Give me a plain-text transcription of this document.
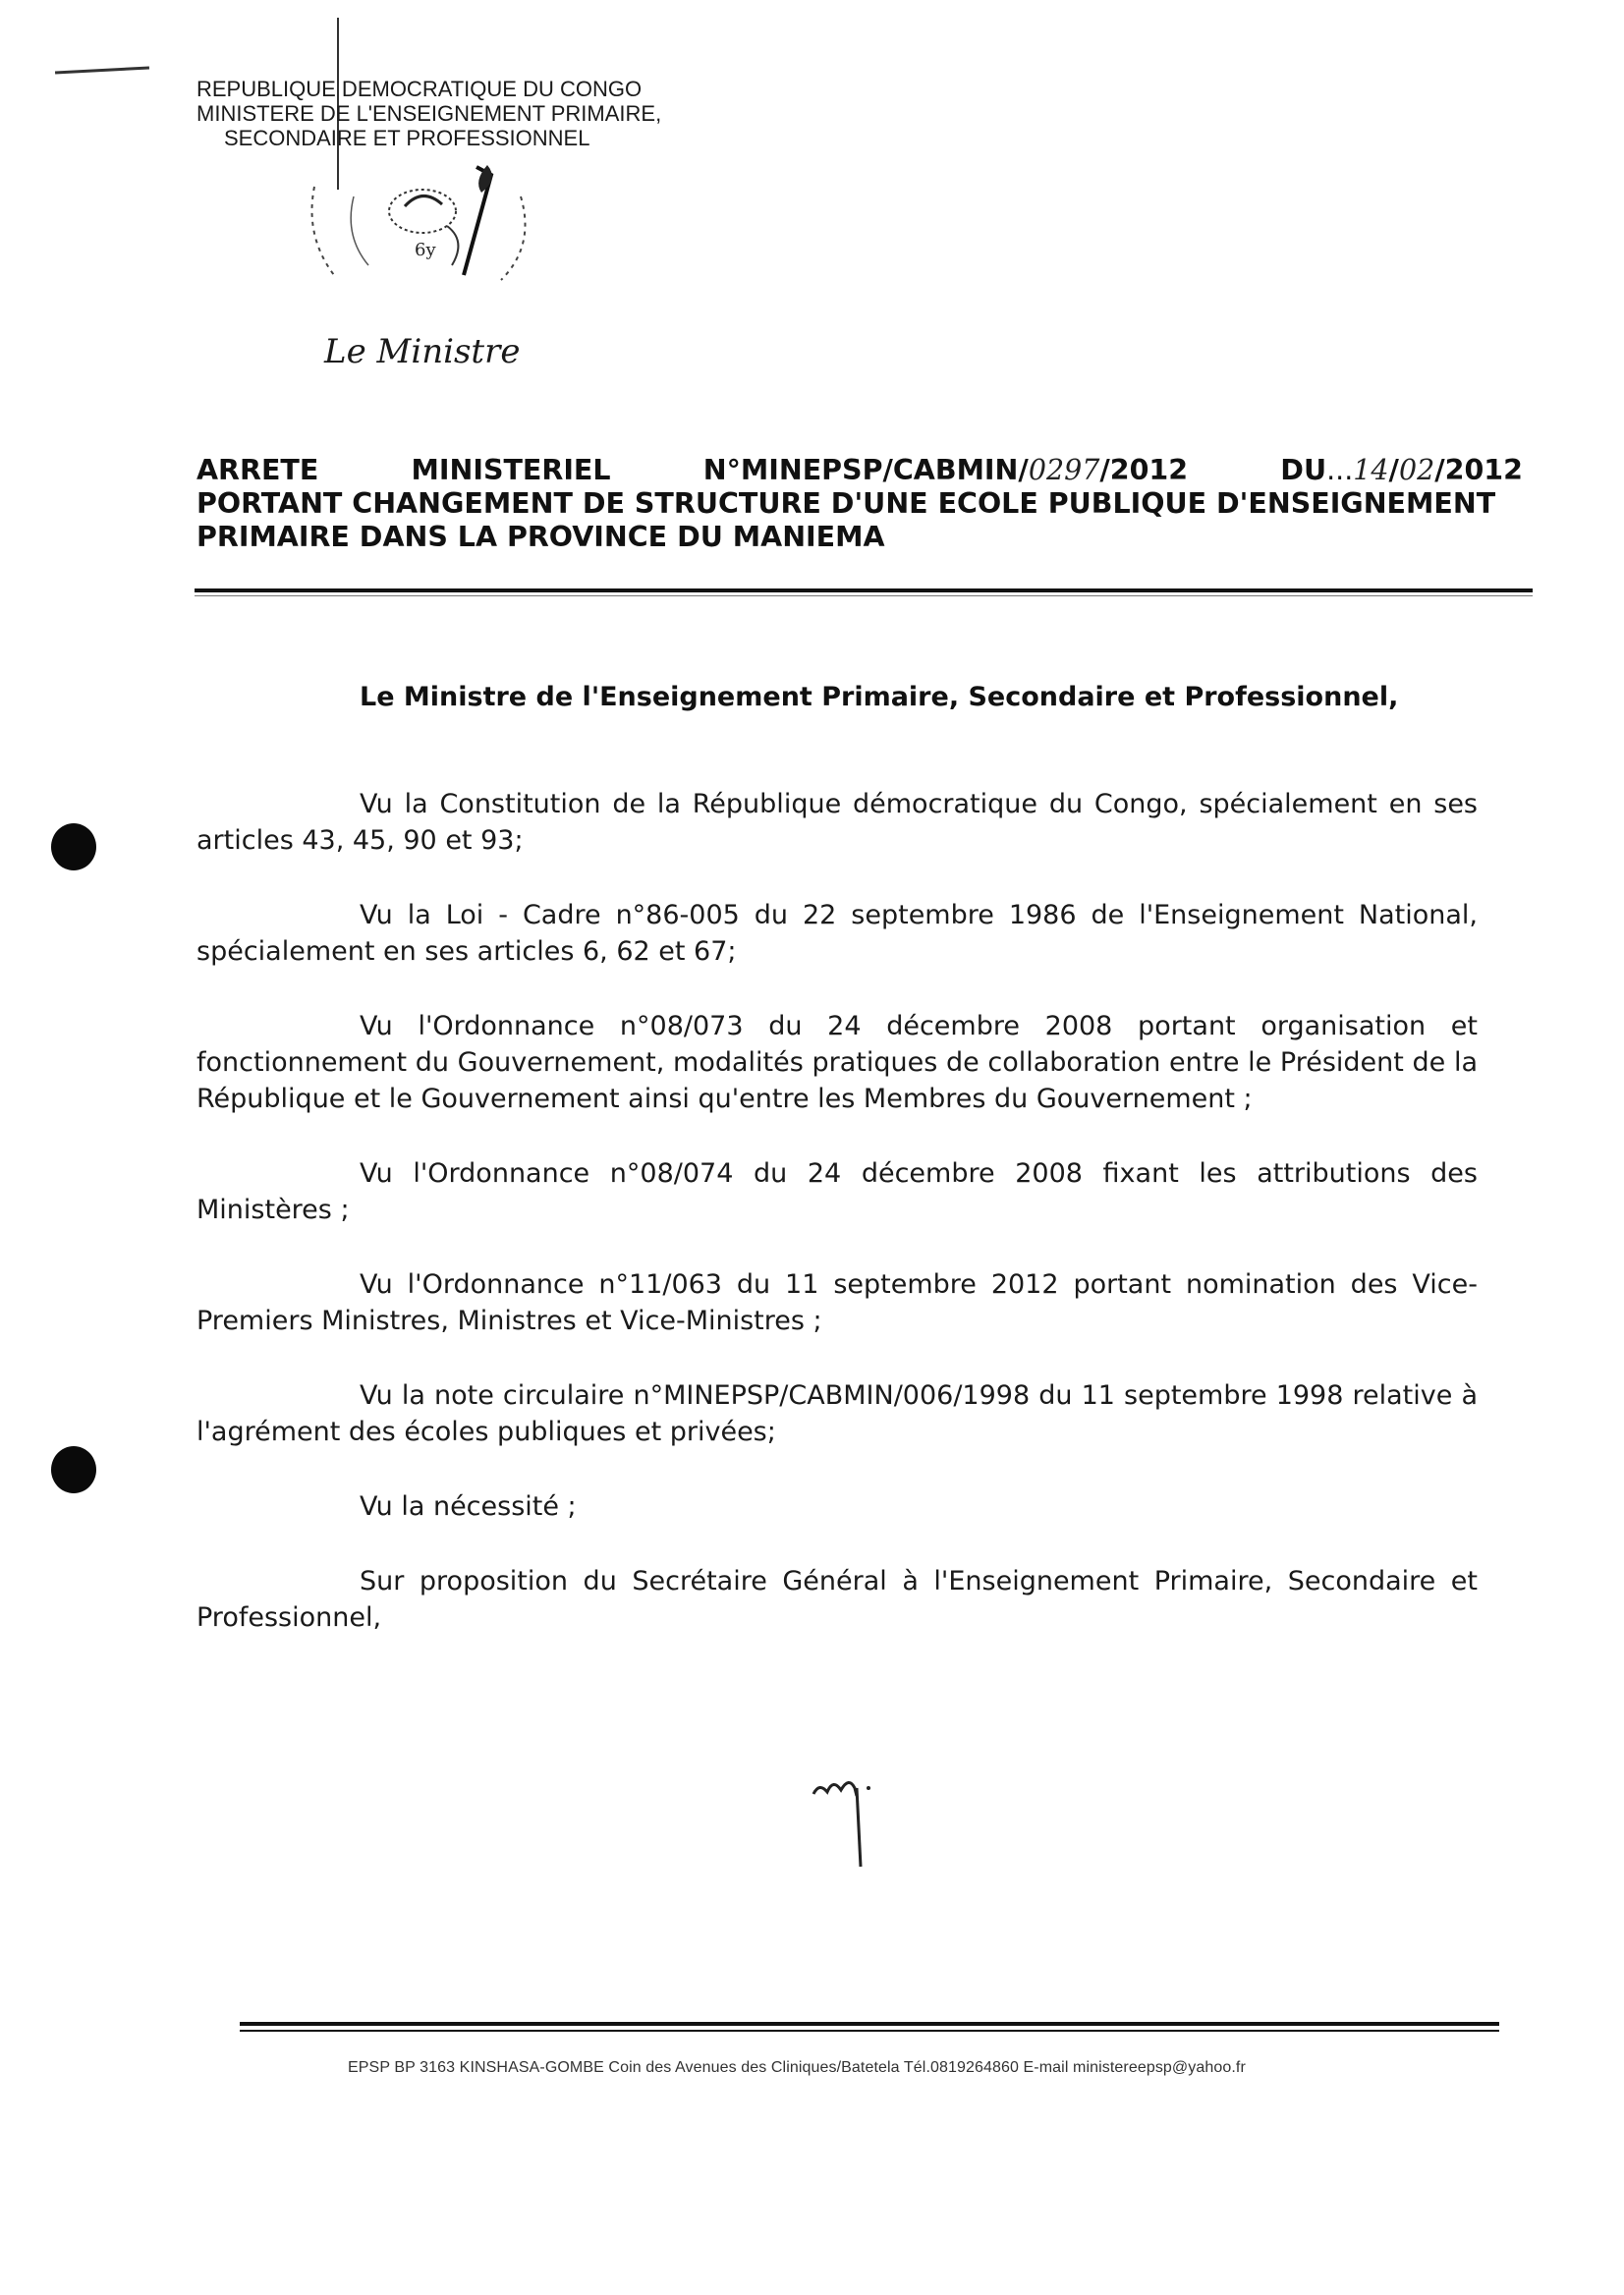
REPUBLIQUE DEMOCRATIQUE DU CONGO
MINISTERE DE L'ENSEIGNEMENT PRIMAIRE,
SECONDAIRE ET PROFESSIONNEL
6y
Le Ministre
ARRETE	MINISTERIEL	N°MINEPSP/CABMIN/0297/2012	DU...14/02/2012
PORTANT CHANGEMENT DE STRUCTURE D'UNE ECOLE PUBLIQUE D'ENSEIGNEMENT
PRIMAIRE DANS LA PROVINCE DU MANIEMA
Le Ministre de l'Enseignement Primaire, Secondaire et Professionnel,

Vu la Constitution de la République démocratique du Congo, spécialement en ses articles 43, 45, 90 et 93;

Vu la Loi - Cadre n°86-005 du 22 septembre 1986 de l'Enseignement National, spécialement en ses articles 6, 62 et 67;

Vu l'Ordonnance n°08/073 du 24 décembre 2008 portant organisation et fonctionnement du Gouvernement, modalités pratiques de collaboration entre le Président de la République et le Gouvernement ainsi qu'entre les Membres du Gouvernement ;

Vu l'Ordonnance n°08/074 du 24 décembre 2008 fixant les attributions des Ministères ;

Vu l'Ordonnance n°11/063 du 11 septembre 2012 portant nomination des Vice-Premiers Ministres, Ministres et Vice-Ministres ;

Vu la note circulaire n°MINEPSP/CABMIN/006/1998 du 11 septembre 1998 relative à l'agrément des écoles publiques et privées;

Vu la nécessité ;

Sur proposition du Secrétaire Général à l'Enseignement Primaire, Secondaire et Professionnel,

EPSP BP 3163 KINSHASA-GOMBE Coin des Avenues des Cliniques/Batetela Tél.0819264860 E-mail ministereepsp@yahoo.fr
